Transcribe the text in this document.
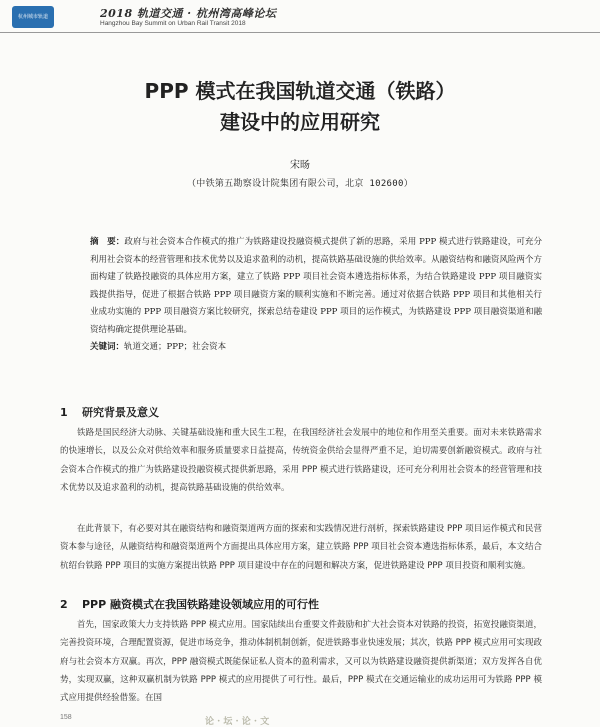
杭州城市轨道	2018 轨道交通 · 杭州湾高峰论坛
Hangzhou Bay Summit on Urban Rail Transit 2018
PPP 模式在我国轨道交通（铁路）
建设中的应用研究
宋旸
（中铁第五勘察设计院集团有限公司，北京 102600）
摘　要：政府与社会资本合作模式的推广为铁路建设投融资模式提供了新的思路，采用 PPP 模式进行铁路建设，可充分利用社会资本的经营管理和技术优势以及追求盈利的动机，提高铁路基础设施的供给效率。从融资结构和融资风险两个方面构建了铁路投融资的具体应用方案，建立了铁路 PPP 项目社会资本遴选指标体系，为结合铁路建设 PPP 项目融资实践提供指导，促进了根据合铁路 PPP 项目融资方案的顺利实施和不断完善。通过对依据合铁路 PPP 项目和其他相关行业成功实施的 PPP 项目融资方案比较研究，探索总结卷建设 PPP 项目的运作模式，为铁路建设 PPP 项目融资渠道和融资结构确定提供理论基础。
关键词：轨道交通；PPP；社会资本
1 研究背景及意义
铁路是国民经济大动脉、关键基础设施和重大民生工程，在我国经济社会发展中的地位和作用至关重要。面对未来铁路需求的快速增长，以及公众对供给效率和服务质量要求日益提高，传统资金供给会显得严重不足，迫切需要创新融资模式。政府与社会资本合作模式的推广为铁路建设投融资模式提供新思路，采用 PPP 模式进行铁路建设，还可充分利用社会资本的经营管理和技术优势以及追求盈利的动机，提高铁路基础设施的供给效率。
在此背景下，有必要对其在融资结构和融资渠道两方面的探索和实践情况进行剖析，探索铁路建设 PPP 项目运作模式和民营资本参与途径，从融资结构和融资渠道两个方面提出具体应用方案，建立铁路 PPP 项目社会资本遴选指标体系，最后，本文结合杭绍台铁路 PPP 项目的实施方案提出铁路 PPP 项目建设中存在的问题和解决方案，促进铁路建设 PPP 项目投资和顺利实施。
2 PPP 融资模式在我国铁路建设领域应用的可行性
首先，国家政策大力支持铁路 PPP 模式应用。国家陆续出台重要文件鼓励和扩大社会资本对铁路的投资，拓宽投融资渠道，完善投资环境，合理配置资源，促进市场竞争，推动体制机制创新，促进铁路事业快速发展；其次，铁路 PPP 模式应用可实现政府与社会资本方双赢。再次，PPP 融资模式既能保证私人资本的盈利需求，又可以为铁路建设融资提供新渠道；双方发挥各自优势，实现双赢，这种双赢机制为铁路 PPP 模式的应用提供了可行性。最后，PPP 模式在交通运输业的成功运用可为铁路 PPP 模式应用提供经验借鉴。在国
158	论 · 坛 · 论 · 文
